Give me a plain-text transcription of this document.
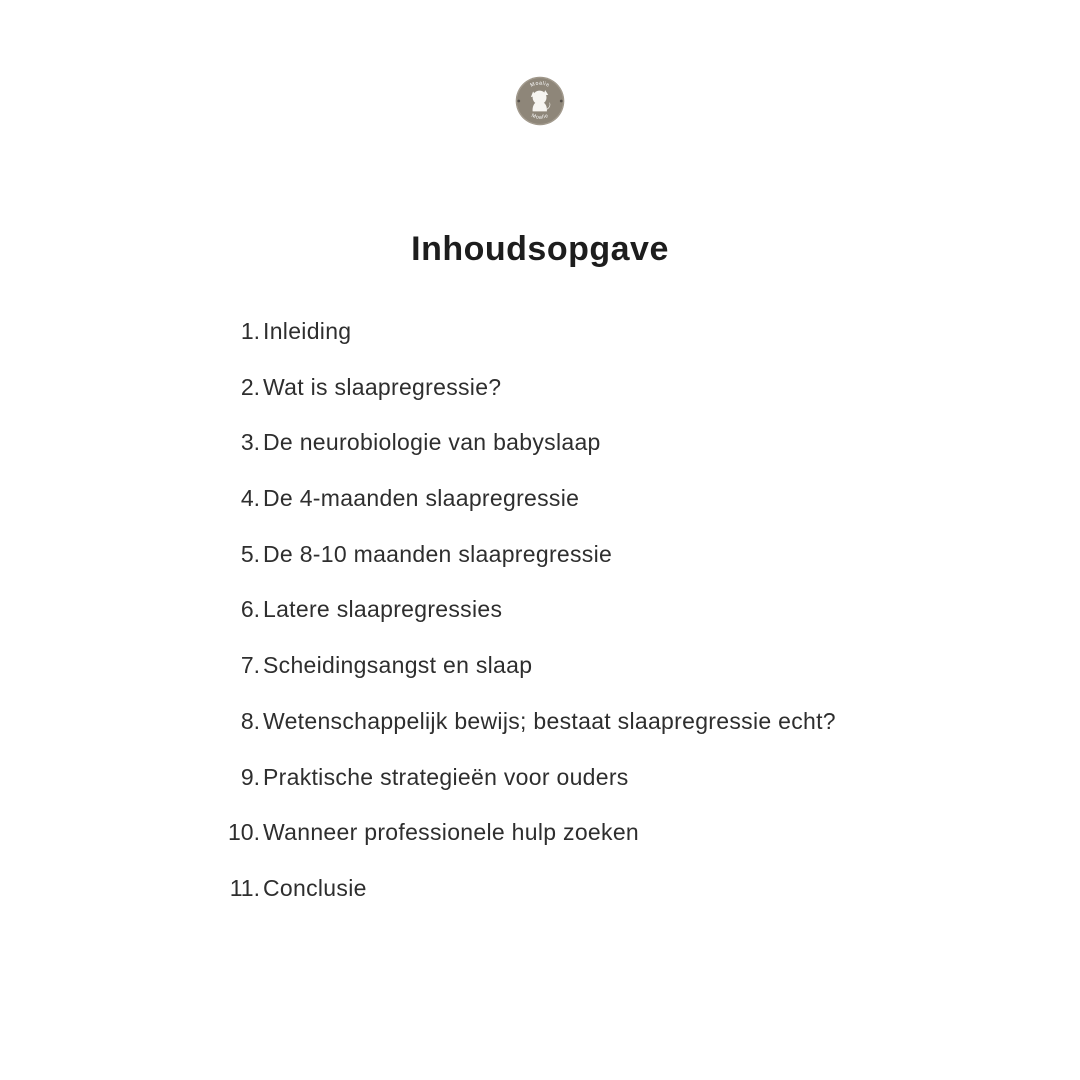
Moalie
Moalie
Inhoudsopgave
1. Inleiding
2. Wat is slaapregressie?
3. De neurobiologie van babyslaap
4. De 4-maanden slaapregressie
5. De 8-10 maanden slaapregressie
6. Latere slaapregressies
7. Scheidingsangst en slaap
8. Wetenschappelijk bewijs; bestaat slaapregressie echt?
9. Praktische strategieën voor ouders
10. Wanneer professionele hulp zoeken
11. Conclusie
